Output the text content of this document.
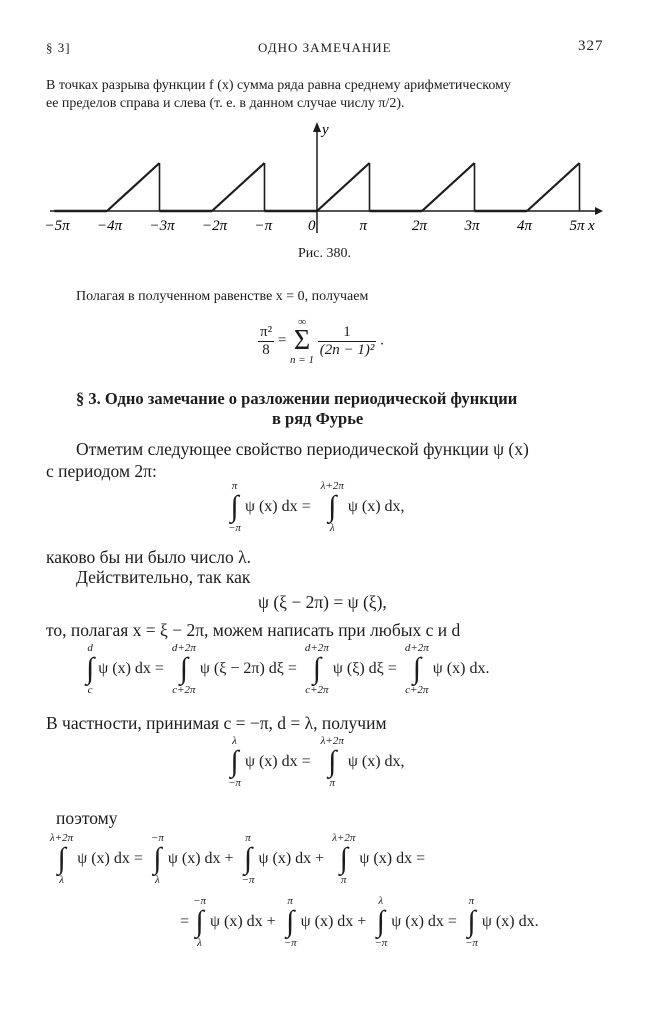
§ 3]	ОДНО ЗАМЕЧАНИЕ	327
В точках разрыва функции f (x) сумма ряда равна среднему арифметическому
ее пределов справа и слева (т. е. в данном случае числу π/2).
y
x
−5π −4π −3π −2π −π 0	π	2π 3π 4π 5π
Рис. 380.
Полагая в полученном равенстве x = 0, получаем
$\frac{\text{π²}}{8}$ =
∞
Σ
n = 1

$\frac{1}{\text{(2n − 1)²}}$ .
§ 3. Одно замечание о разложении периодической функции
в ряд Фурье
Отметим следующее свойство периодической функции ψ (x)
с периодом 2π:
π
∫
−π
ψ (x) dx =
λ+2π
∫
λ
ψ (x) dx,
каково бы ни было число λ.
Действительно, так как
ψ (ξ − 2π) = ψ (ξ),
то, полагая x = ξ − 2π, можем написать при любых c и d
d
∫
c
ψ (x) dx =
d+2π
∫
c+2π
ψ (ξ − 2π) dξ =
d+2π
∫
c+2π
ψ (ξ) dξ =
d+2π
∫
c+2π
ψ (x) dx.
В частности, принимая c = −π, d = λ, получим
λ
∫
−π
ψ (x) dx =
λ+2π
∫
π
ψ (x) dx,
поэтому
λ+2π
∫
λ
ψ (x) dx =
−π
∫
λ
ψ (x) dx +
π
∫
−π
ψ (x) dx +
λ+2π
∫
π
ψ (x) dx =
=
−π
∫
λ
ψ (x) dx +
π
∫
−π
ψ (x) dx +
λ
∫
−π
ψ (x) dx =
π
∫
−π
ψ (x) dx.
